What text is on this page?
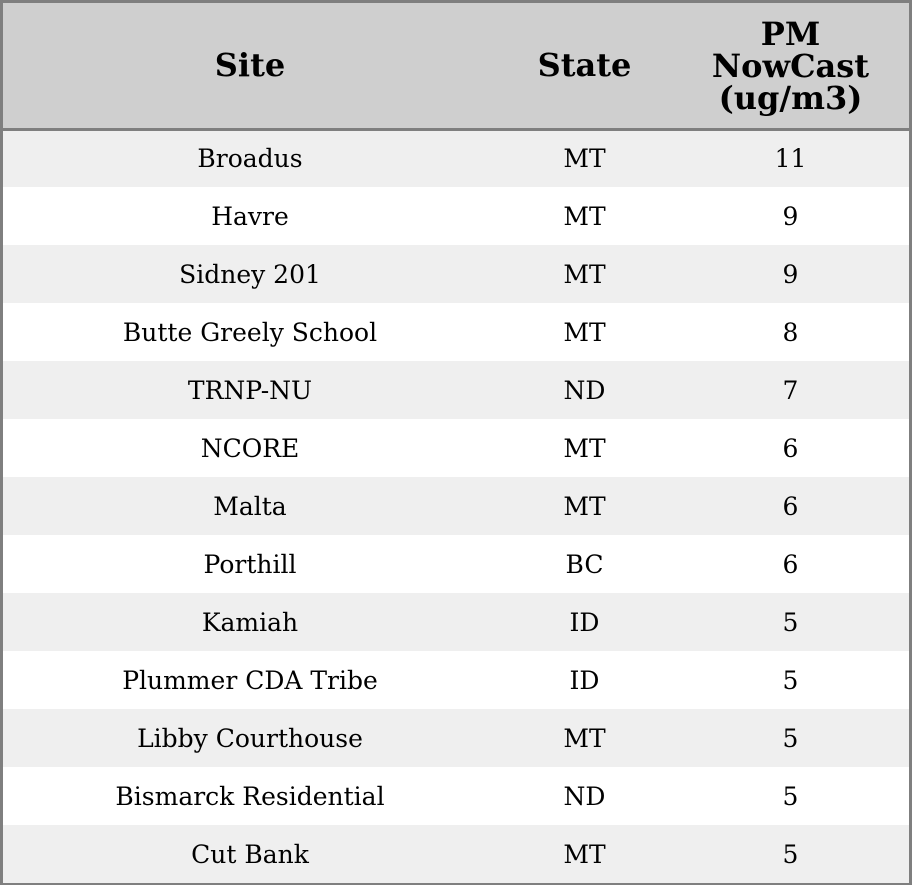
Site	State	PM
NowCast
(ug/m3)

Broadus	MT	11
Havre	MT	9
Sidney 201	MT	9
Butte Greely School	MT	8
TRNP-NU	ND	7
NCORE	MT	6
Malta	MT	6
Porthill	BC	6
Kamiah	ID	5
Plummer CDA Tribe	ID	5
Libby Courthouse	MT	5
Bismarck Residential	ND	5
Cut Bank	MT	5
